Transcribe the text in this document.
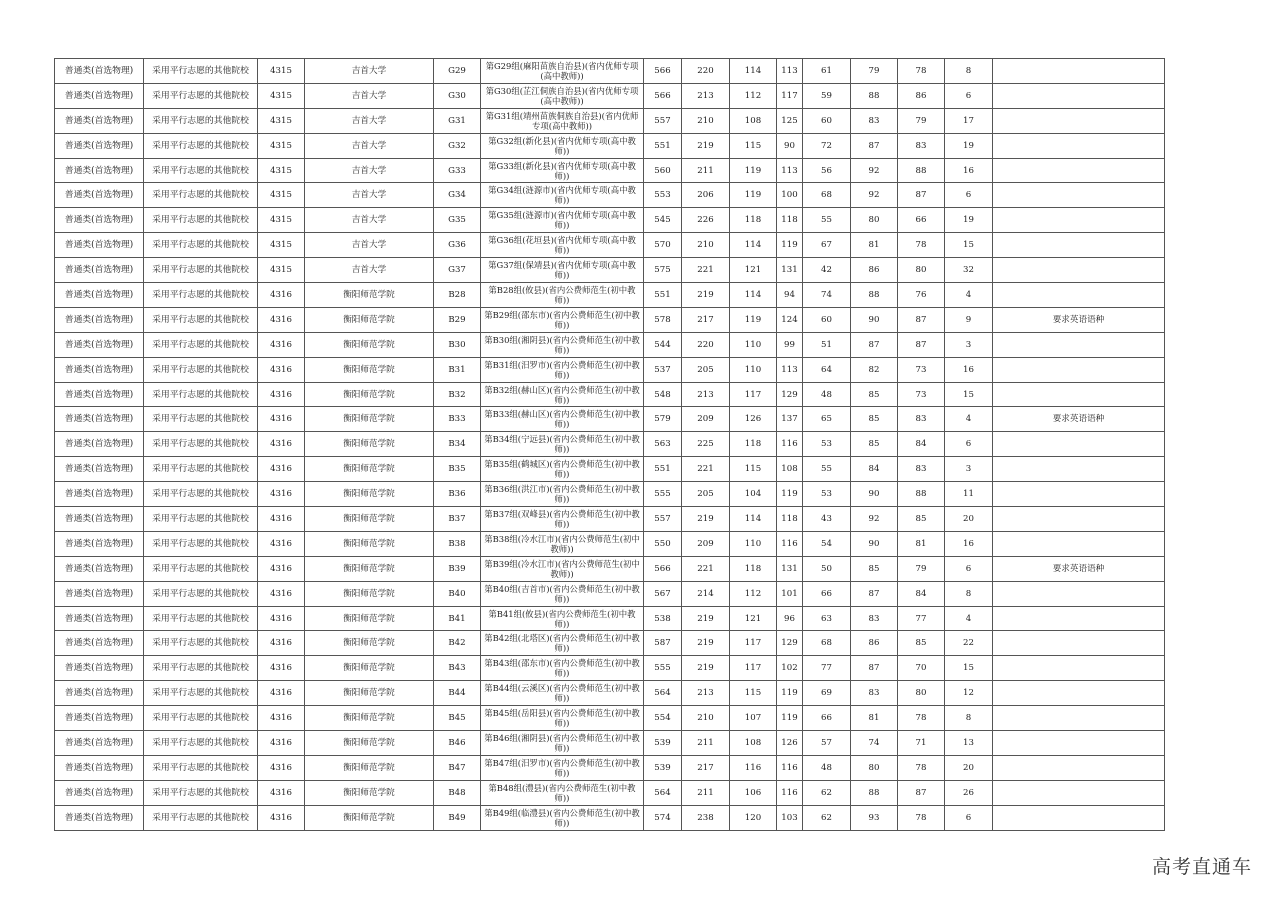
普通类(首选物理)	采用平行志愿的其他院校	4315	吉首大学	G29	第G29组(麻阳苗族自治县)(省内优师专项(高中教师))	566	220	114	113	61	79	78	8	
普通类(首选物理)	采用平行志愿的其他院校	4315	吉首大学	G30	第G30组(芷江侗族自治县)(省内优师专项(高中教师))	566	213	112	117	59	88	86	6	
普通类(首选物理)	采用平行志愿的其他院校	4315	吉首大学	G31	第G31组(靖州苗族侗族自治县)(省内优师专项(高中教师))	557	210	108	125	60	83	79	17	
普通类(首选物理)	采用平行志愿的其他院校	4315	吉首大学	G32	第G32组(新化县)(省内优师专项(高中教师))	551	219	115	90	72	87	83	19	
普通类(首选物理)	采用平行志愿的其他院校	4315	吉首大学	G33	第G33组(新化县)(省内优师专项(高中教师))	560	211	119	113	56	92	88	16	
普通类(首选物理)	采用平行志愿的其他院校	4315	吉首大学	G34	第G34组(涟源市)(省内优师专项(高中教师))	553	206	119	100	68	92	87	6	
普通类(首选物理)	采用平行志愿的其他院校	4315	吉首大学	G35	第G35组(涟源市)(省内优师专项(高中教师))	545	226	118	118	55	80	66	19	
普通类(首选物理)	采用平行志愿的其他院校	4315	吉首大学	G36	第G36组(花垣县)(省内优师专项(高中教师))	570	210	114	119	67	81	78	15	
普通类(首选物理)	采用平行志愿的其他院校	4315	吉首大学	G37	第G37组(保靖县)(省内优师专项(高中教师))	575	221	121	131	42	86	80	32	
普通类(首选物理)	采用平行志愿的其他院校	4316	衡阳师范学院	B28	第B28组(攸县)(省内公费师范生(初中教师))	551	219	114	94	74	88	76	4	
普通类(首选物理)	采用平行志愿的其他院校	4316	衡阳师范学院	B29	第B29组(邵东市)(省内公费师范生(初中教师))	578	217	119	124	60	90	87	9	要求英语语种
普通类(首选物理)	采用平行志愿的其他院校	4316	衡阳师范学院	B30	第B30组(湘阴县)(省内公费师范生(初中教师))	544	220	110	99	51	87	87	3	
普通类(首选物理)	采用平行志愿的其他院校	4316	衡阳师范学院	B31	第B31组(汨罗市)(省内公费师范生(初中教师))	537	205	110	113	64	82	73	16	
普通类(首选物理)	采用平行志愿的其他院校	4316	衡阳师范学院	B32	第B32组(赫山区)(省内公费师范生(初中教师))	548	213	117	129	48	85	73	15	
普通类(首选物理)	采用平行志愿的其他院校	4316	衡阳师范学院	B33	第B33组(赫山区)(省内公费师范生(初中教师))	579	209	126	137	65	85	83	4	要求英语语种
普通类(首选物理)	采用平行志愿的其他院校	4316	衡阳师范学院	B34	第B34组(宁远县)(省内公费师范生(初中教师))	563	225	118	116	53	85	84	6	
普通类(首选物理)	采用平行志愿的其他院校	4316	衡阳师范学院	B35	第B35组(鹤城区)(省内公费师范生(初中教师))	551	221	115	108	55	84	83	3	
普通类(首选物理)	采用平行志愿的其他院校	4316	衡阳师范学院	B36	第B36组(洪江市)(省内公费师范生(初中教师))	555	205	104	119	53	90	88	11	
普通类(首选物理)	采用平行志愿的其他院校	4316	衡阳师范学院	B37	第B37组(双峰县)(省内公费师范生(初中教师))	557	219	114	118	43	92	85	20	
普通类(首选物理)	采用平行志愿的其他院校	4316	衡阳师范学院	B38	第B38组(冷水江市)(省内公费师范生(初中教师))	550	209	110	116	54	90	81	16	
普通类(首选物理)	采用平行志愿的其他院校	4316	衡阳师范学院	B39	第B39组(冷水江市)(省内公费师范生(初中教师))	566	221	118	131	50	85	79	6	要求英语语种
普通类(首选物理)	采用平行志愿的其他院校	4316	衡阳师范学院	B40	第B40组(吉首市)(省内公费师范生(初中教师))	567	214	112	101	66	87	84	8	
普通类(首选物理)	采用平行志愿的其他院校	4316	衡阳师范学院	B41	第B41组(攸县)(省内公费师范生(初中教师))	538	219	121	96	63	83	77	4	
普通类(首选物理)	采用平行志愿的其他院校	4316	衡阳师范学院	B42	第B42组(北塔区)(省内公费师范生(初中教师))	587	219	117	129	68	86	85	22	
普通类(首选物理)	采用平行志愿的其他院校	4316	衡阳师范学院	B43	第B43组(邵东市)(省内公费师范生(初中教师))	555	219	117	102	77	87	70	15	
普通类(首选物理)	采用平行志愿的其他院校	4316	衡阳师范学院	B44	第B44组(云溪区)(省内公费师范生(初中教师))	564	213	115	119	69	83	80	12	
普通类(首选物理)	采用平行志愿的其他院校	4316	衡阳师范学院	B45	第B45组(岳阳县)(省内公费师范生(初中教师))	554	210	107	119	66	81	78	8	
普通类(首选物理)	采用平行志愿的其他院校	4316	衡阳师范学院	B46	第B46组(湘阴县)(省内公费师范生(初中教师))	539	211	108	126	57	74	71	13	
普通类(首选物理)	采用平行志愿的其他院校	4316	衡阳师范学院	B47	第B47组(汨罗市)(省内公费师范生(初中教师))	539	217	116	116	48	80	78	20	
普通类(首选物理)	采用平行志愿的其他院校	4316	衡阳师范学院	B48	第B48组(澧县)(省内公费师范生(初中教师))	564	211	106	116	62	88	87	26	
普通类(首选物理)	采用平行志愿的其他院校	4316	衡阳师范学院	B49	第B49组(临澧县)(省内公费师范生(初中教师))	574	238	120	103	62	93	78	6	
高考直通车
